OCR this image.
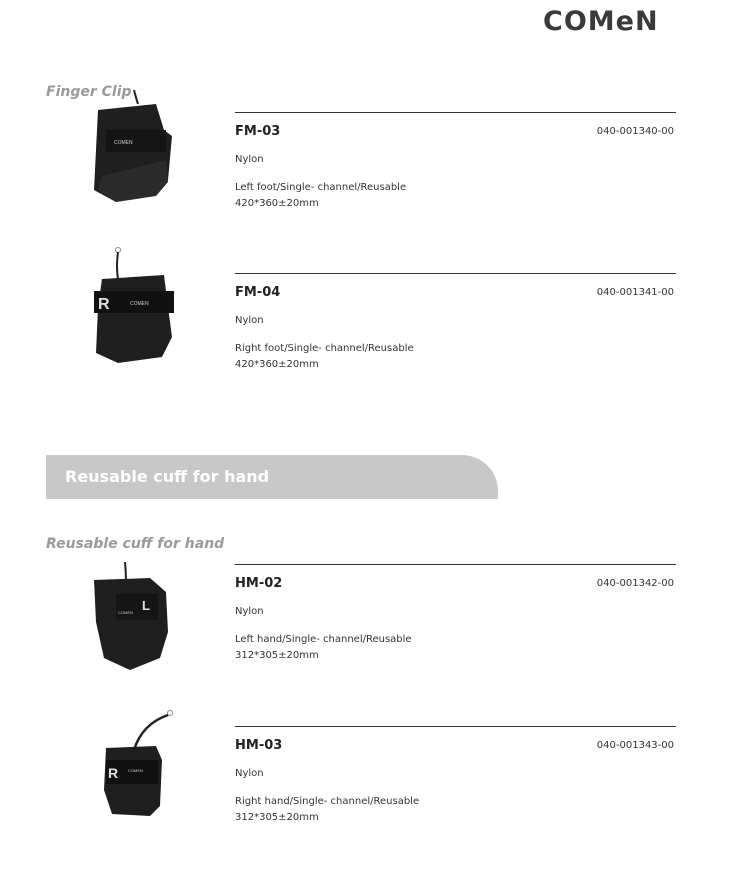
COMeN
Finger Clip
COMEN
FM-03	040-001340-00
Nylon
Left foot/Single- channel/Reusable
420*360±20mm
R	COMEN
FM-04	040-001341-00
Nylon
Right foot/Single- channel/Reusable
420*360±20mm
Reusable cuff for hand
Reusable cuff for hand
L
COMEN
HM-02	040-001342-00
Nylon
Left hand/Single- channel/Reusable
312*305±20mm
R COMEN
HM-03	040-001343-00
Nylon
Right hand/Single- channel/Reusable
312*305±20mm
